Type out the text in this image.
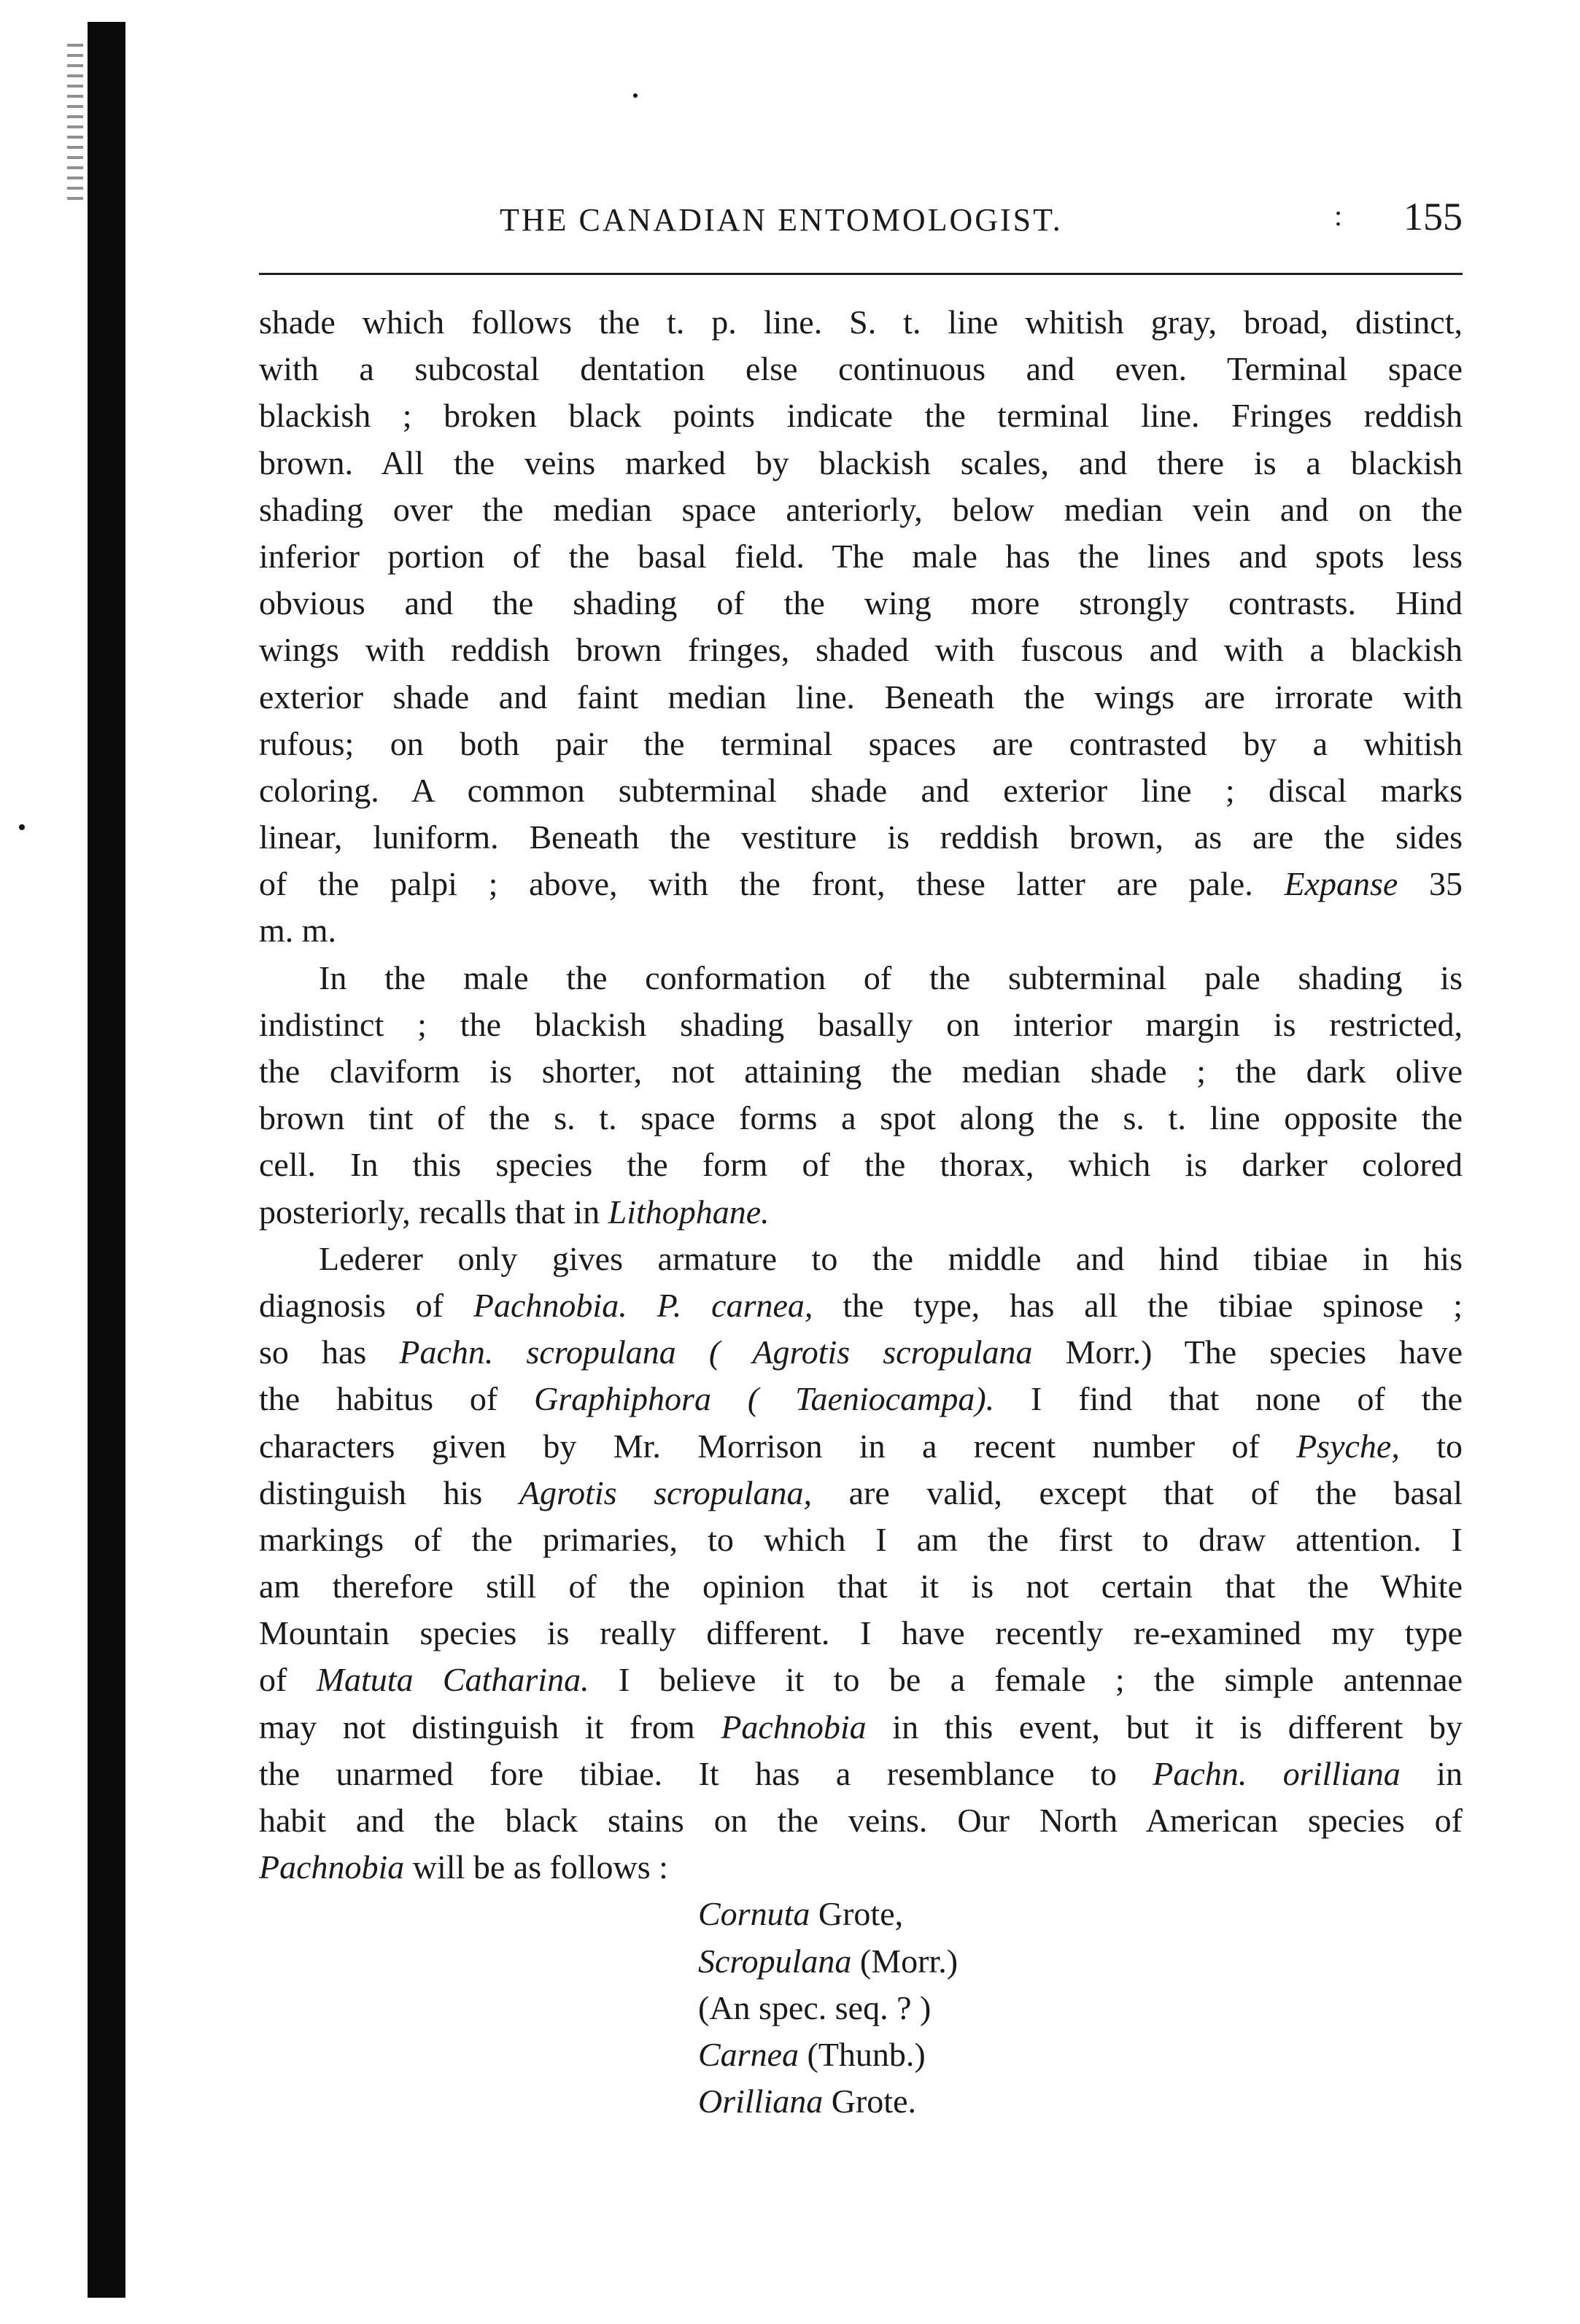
THE CANADIAN ENTOMOLOGIST.	: 155
shade which follows the t. p. line. S. t. line whitish gray, broad, distinct,
with a subcostal dentation else continuous and even. Terminal space
blackish ; broken black points indicate the terminal line. Fringes reddish
brown. All the veins marked by blackish scales, and there is a blackish
shading over the median space anteriorly, below median vein and on the
inferior portion of the basal field. The male has the lines and spots less
obvious and the shading of the wing more strongly contrasts. Hind
wings with reddish brown fringes, shaded with fuscous and with a blackish
exterior shade and faint median line. Beneath the wings are irrorate with
rufous; on both pair the terminal spaces are contrasted by a whitish
coloring. A common subterminal shade and exterior line ; discal marks
linear, luniform. Beneath the vestiture is reddish brown, as are the sides
of the palpi ; above, with the front, these latter are pale. Expanse 35
m. m.
In the male the conformation of the subterminal pale shading is
indistinct ; the blackish shading basally on interior margin is restricted,
the claviform is shorter, not attaining the median shade ; the dark olive
brown tint of the s. t. space forms a spot along the s. t. line opposite the
cell. In this species the form of the thorax, which is darker colored
posteriorly, recalls that in Lithophane.
Lederer only gives armature to the middle and hind tibiae in his
diagnosis of Pachnobia. P. carnea, the type, has all the tibiae spinose ;
so has Pachn. scropulana ( Agrotis scropulana Morr.) The species have
the habitus of Graphiphora ( Taeniocampa). I find that none of the
characters given by Mr. Morrison in a recent number of Psyche, to
distinguish his Agrotis scropulana, are valid, except that of the basal
markings of the primaries, to which I am the first to draw attention. I
am therefore still of the opinion that it is not certain that the White
Mountain species is really different. I have recently re-examined my type
of Matuta Catharina. I believe it to be a female ; the simple antennae
may not distinguish it from Pachnobia in this event, but it is different by
the unarmed fore tibiae. It has a resemblance to Pachn. orilliana in
habit and the black stains on the veins. Our North American species of
Pachnobia will be as follows :
Cornuta Grote,
Scropulana (Morr.)
(An spec. seq. ? )
Carnea (Thunb.)
Orilliana Grote.
